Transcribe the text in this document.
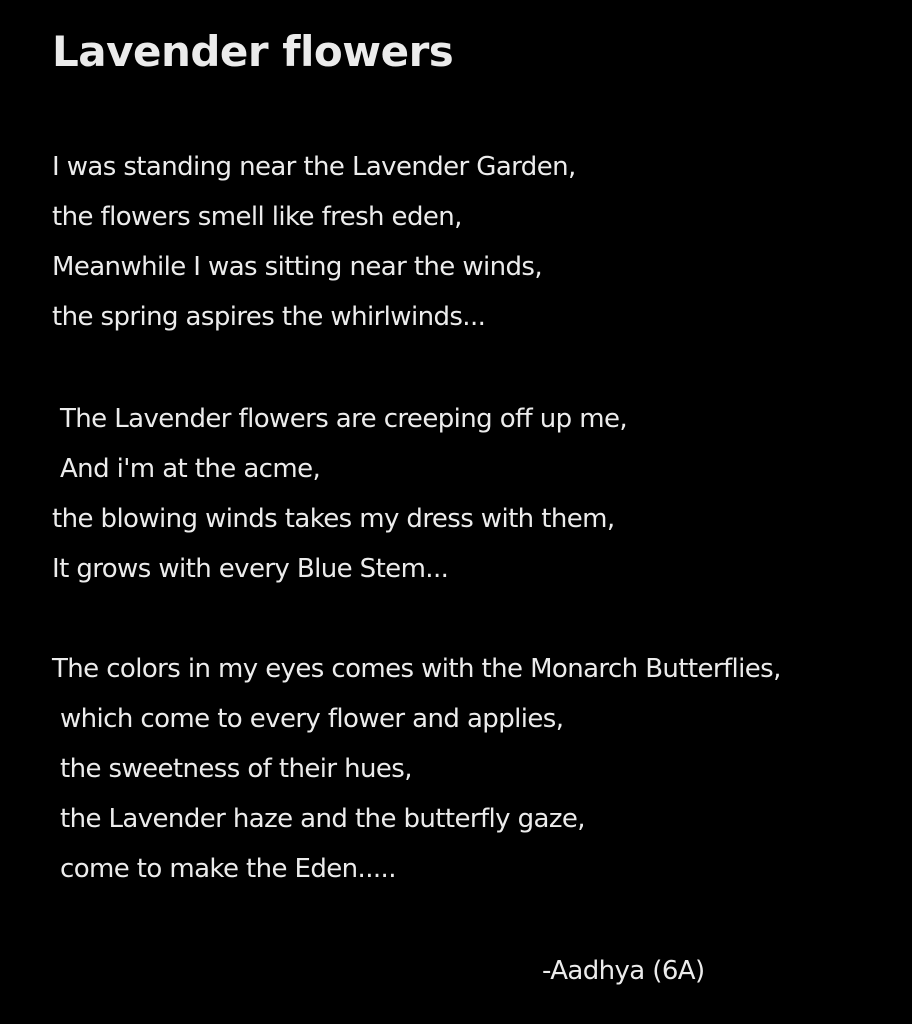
Lavender flowers

I was standing near the Lavender Garden,

the flowers smell like fresh eden,

Meanwhile I was sitting near the winds,

the spring aspires the whirlwinds...

The Lavender flowers are creeping off up me,

And i'm at the acme,

the blowing winds takes my dress with them,

It grows with every Blue Stem...

The colors in my eyes comes with the Monarch Butterflies,

which come to every flower and applies,

the sweetness of their hues,

the Lavender haze and the butterfly gaze,

come to make the Eden.....

-Aadhya (6A)
